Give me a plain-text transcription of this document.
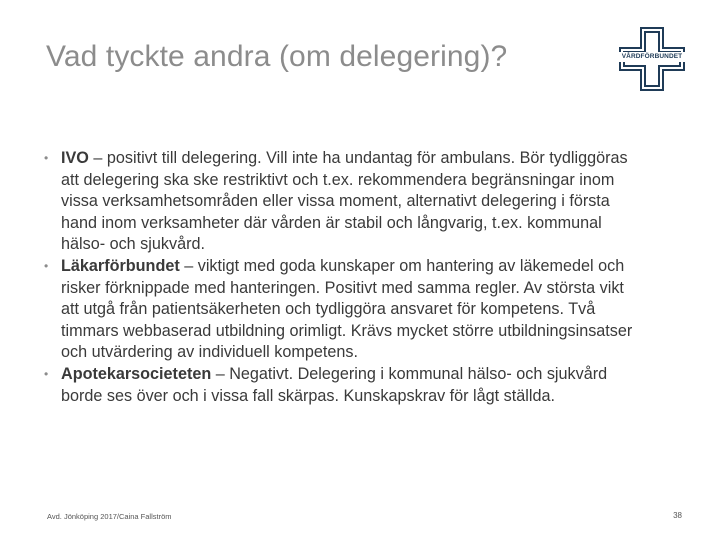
Vad tyckte andra (om delegering)?	VÅRDFÖRBUNDET
• IVO – positivt till delegering. Vill inte ha undantag för ambulans. Bör tydliggöras att delegering ska ske restriktivt och t.ex. rekommendera begränsningar inom vissa verksamhetsområden eller vissa moment, alternativt delegering i första hand inom verksamheter där vården är stabil och långvarig, t.ex. kommunal hälso- och sjukvård.
• Läkarförbundet – viktigt med goda kunskaper om hantering av läkemedel och risker förknippade med hanteringen. Positivt med samma regler. Av största vikt att utgå från patientsäkerheten och tydliggöra ansvaret för kompetens. Två timmars webbaserad utbildning orimligt. Krävs mycket större utbildningsinsatser och utvärdering av individuell kompetens.
• Apotekarsocieteten – Negativt. Delegering i kommunal hälso- och sjukvård borde ses över och i vissa fall skärpas. Kunskapskrav för lågt ställda.
Avd. Jönköping 2017/Caina Fallström	38
